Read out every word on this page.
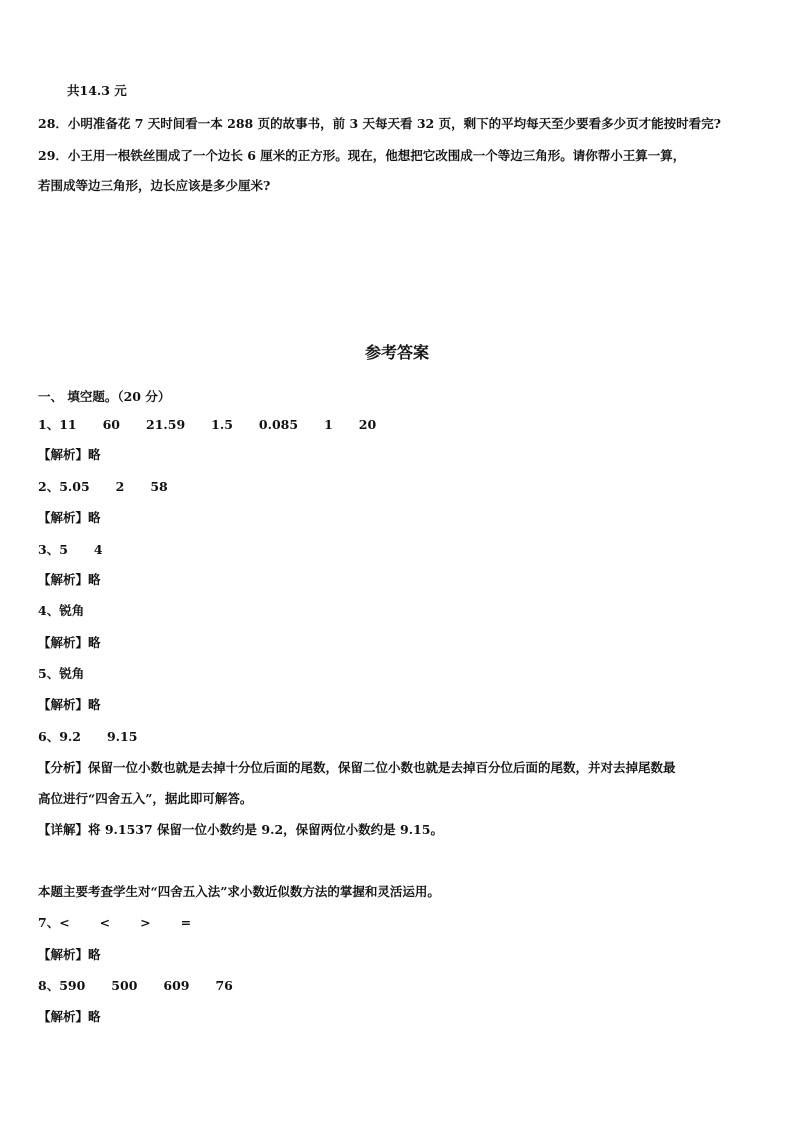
共14.3 元
28．小明准备花 7 天时间看一本 288 页的故事书，前 3 天每天看 32 页，剩下的平均每天至少要看多少页才能按时看完?
29．小王用一根铁丝围成了一个边长 6 厘米的正方形。现在，他想把它改围成一个等边三角形。请你帮小王算一算，
若围成等边三角形，边长应该是多少厘米?
参考答案
一、 填空题。（20 分）
1、11 60 21.59 1.5 0.085 1 20
【解析】略
2、5.05 2 58
【解析】略
3、5 4
【解析】略
4、锐角
【解析】略
5、锐角
【解析】略
6、9.2 9.15
【分析】保留一位小数也就是去掉十分位后面的尾数，保留二位小数也就是去掉百分位后面的尾数，并对去掉尾数最
高位进行“四舍五入”，据此即可解答。
【详解】将 9.1537 保留一位小数约是 9.2，保留两位小数约是 9.15。
本题主要考查学生对“四舍五入法”求小数近似数方法的掌握和灵活运用。
7、< < > =
【解析】略
8、590 500 609 76
【解析】略
